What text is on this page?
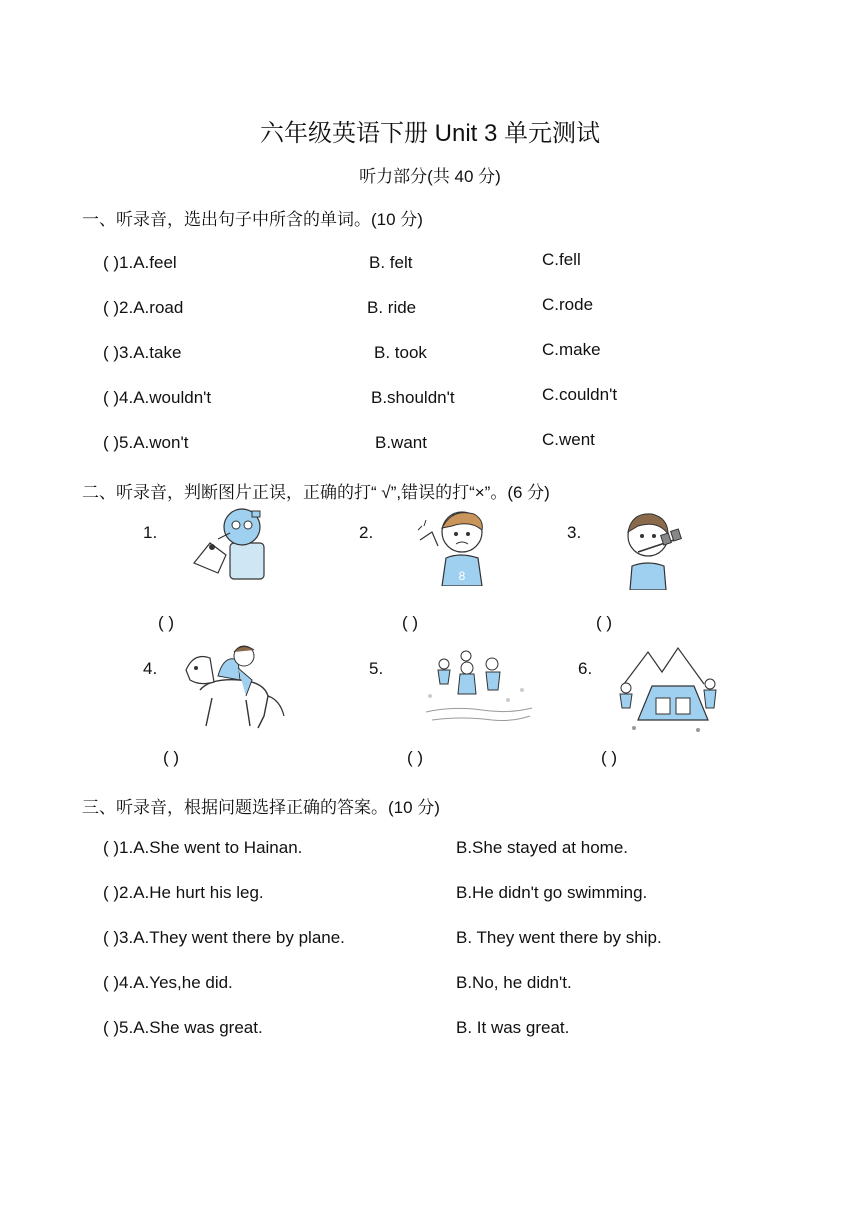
六年级英语下册 Unit 3 单元测试
听力部分(共 40 分)
一、听录音，选出句子中所含的单词。(10 分)
( )1.A.feel	B. felt	C.fell
( )2.A.road	B. ride	C.rode
( )3.A.take	B. took	C.make
( )4.A.wouldn't	B.shouldn't	C.couldn't
( )5.A.won't	B.want	C.went
二、听录音，判断图片正误，正确的打“ √”,错误的打“×”。(6 分)
1.	2.
8
3.
( )	( )	( )
4.	5.	6.
( )	( )	( )
三、听录音，根据问题选择正确的答案。(10 分)
( )1.A.She went to Hainan.	B.She stayed at home.
( )2.A.He hurt his leg.	B.He didn't go swimming.
( )3.A.They went there by plane.	B. They went there by ship.
( )4.A.Yes,he did.	B.No, he didn't.
( )5.A.She was great.	B. It was great.
